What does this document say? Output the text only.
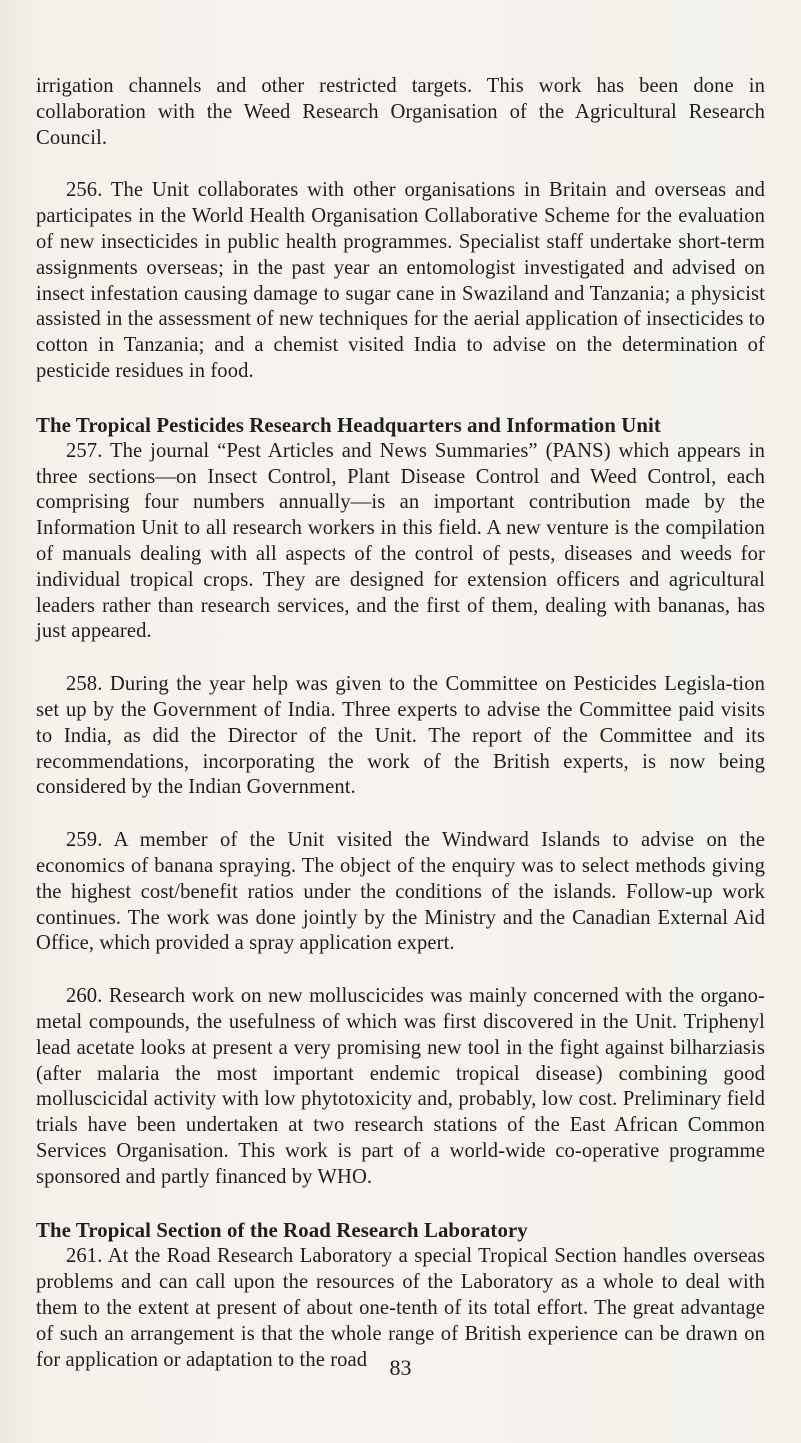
irrigation channels and other restricted targets. This work has been done in collaboration with the Weed Research Organisation of the Agricultural Research Council.

256. The Unit collaborates with other organisations in Britain and overseas and participates in the World Health Organisation Collaborative Scheme for the evaluation of new insecticides in public health programmes. Specialist staff undertake short-term assignments overseas; in the past year an entomologist investigated and advised on insect infestation causing damage to sugar cane in Swaziland and Tanzania; a physicist assisted in the assessment of new techniques for the aerial application of insecticides to cotton in Tanzania; and a chemist visited India to advise on the determination of pesticide residues in food.

The Tropical Pesticides Research Headquarters and Information Unit

257. The journal “Pest Articles and News Summaries” (PANS) which appears in three sections—on Insect Control, Plant Disease Control and Weed Control, each comprising four numbers annually—is an important contribution made by the Information Unit to all research workers in this field. A new venture is the compilation of manuals dealing with all aspects of the control of pests, diseases and weeds for individual tropical crops. They are designed for extension officers and agricultural leaders rather than research services, and the first of them, dealing with bananas, has just appeared.

258. During the year help was given to the Committee on Pesticides Legisla-tion set up by the Government of India. Three experts to advise the Committee paid visits to India, as did the Director of the Unit. The report of the Committee and its recommendations, incorporating the work of the British experts, is now being considered by the Indian Government.

259. A member of the Unit visited the Windward Islands to advise on the economics of banana spraying. The object of the enquiry was to select methods giving the highest cost/benefit ratios under the conditions of the islands. Follow-up work continues. The work was done jointly by the Ministry and the Canadian External Aid Office, which provided a spray application expert.

260. Research work on new molluscicides was mainly concerned with the organo-metal compounds, the usefulness of which was first discovered in the Unit. Triphenyl lead acetate looks at present a very promising new tool in the fight against bilharziasis (after malaria the most important endemic tropical disease) combining good molluscicidal activity with low phytotoxicity and, probably, low cost. Preliminary field trials have been undertaken at two research stations of the East African Common Services Organisation. This work is part of a world-wide co-operative programme sponsored and partly financed by WHO.

The Tropical Section of the Road Research Laboratory

261. At the Road Research Laboratory a special Tropical Section handles overseas problems and can call upon the resources of the Laboratory as a whole to deal with them to the extent at present of about one-tenth of its total effort. The great advantage of such an arrangement is that the whole range of British experience can be drawn on for application or adaptation to the road	83
